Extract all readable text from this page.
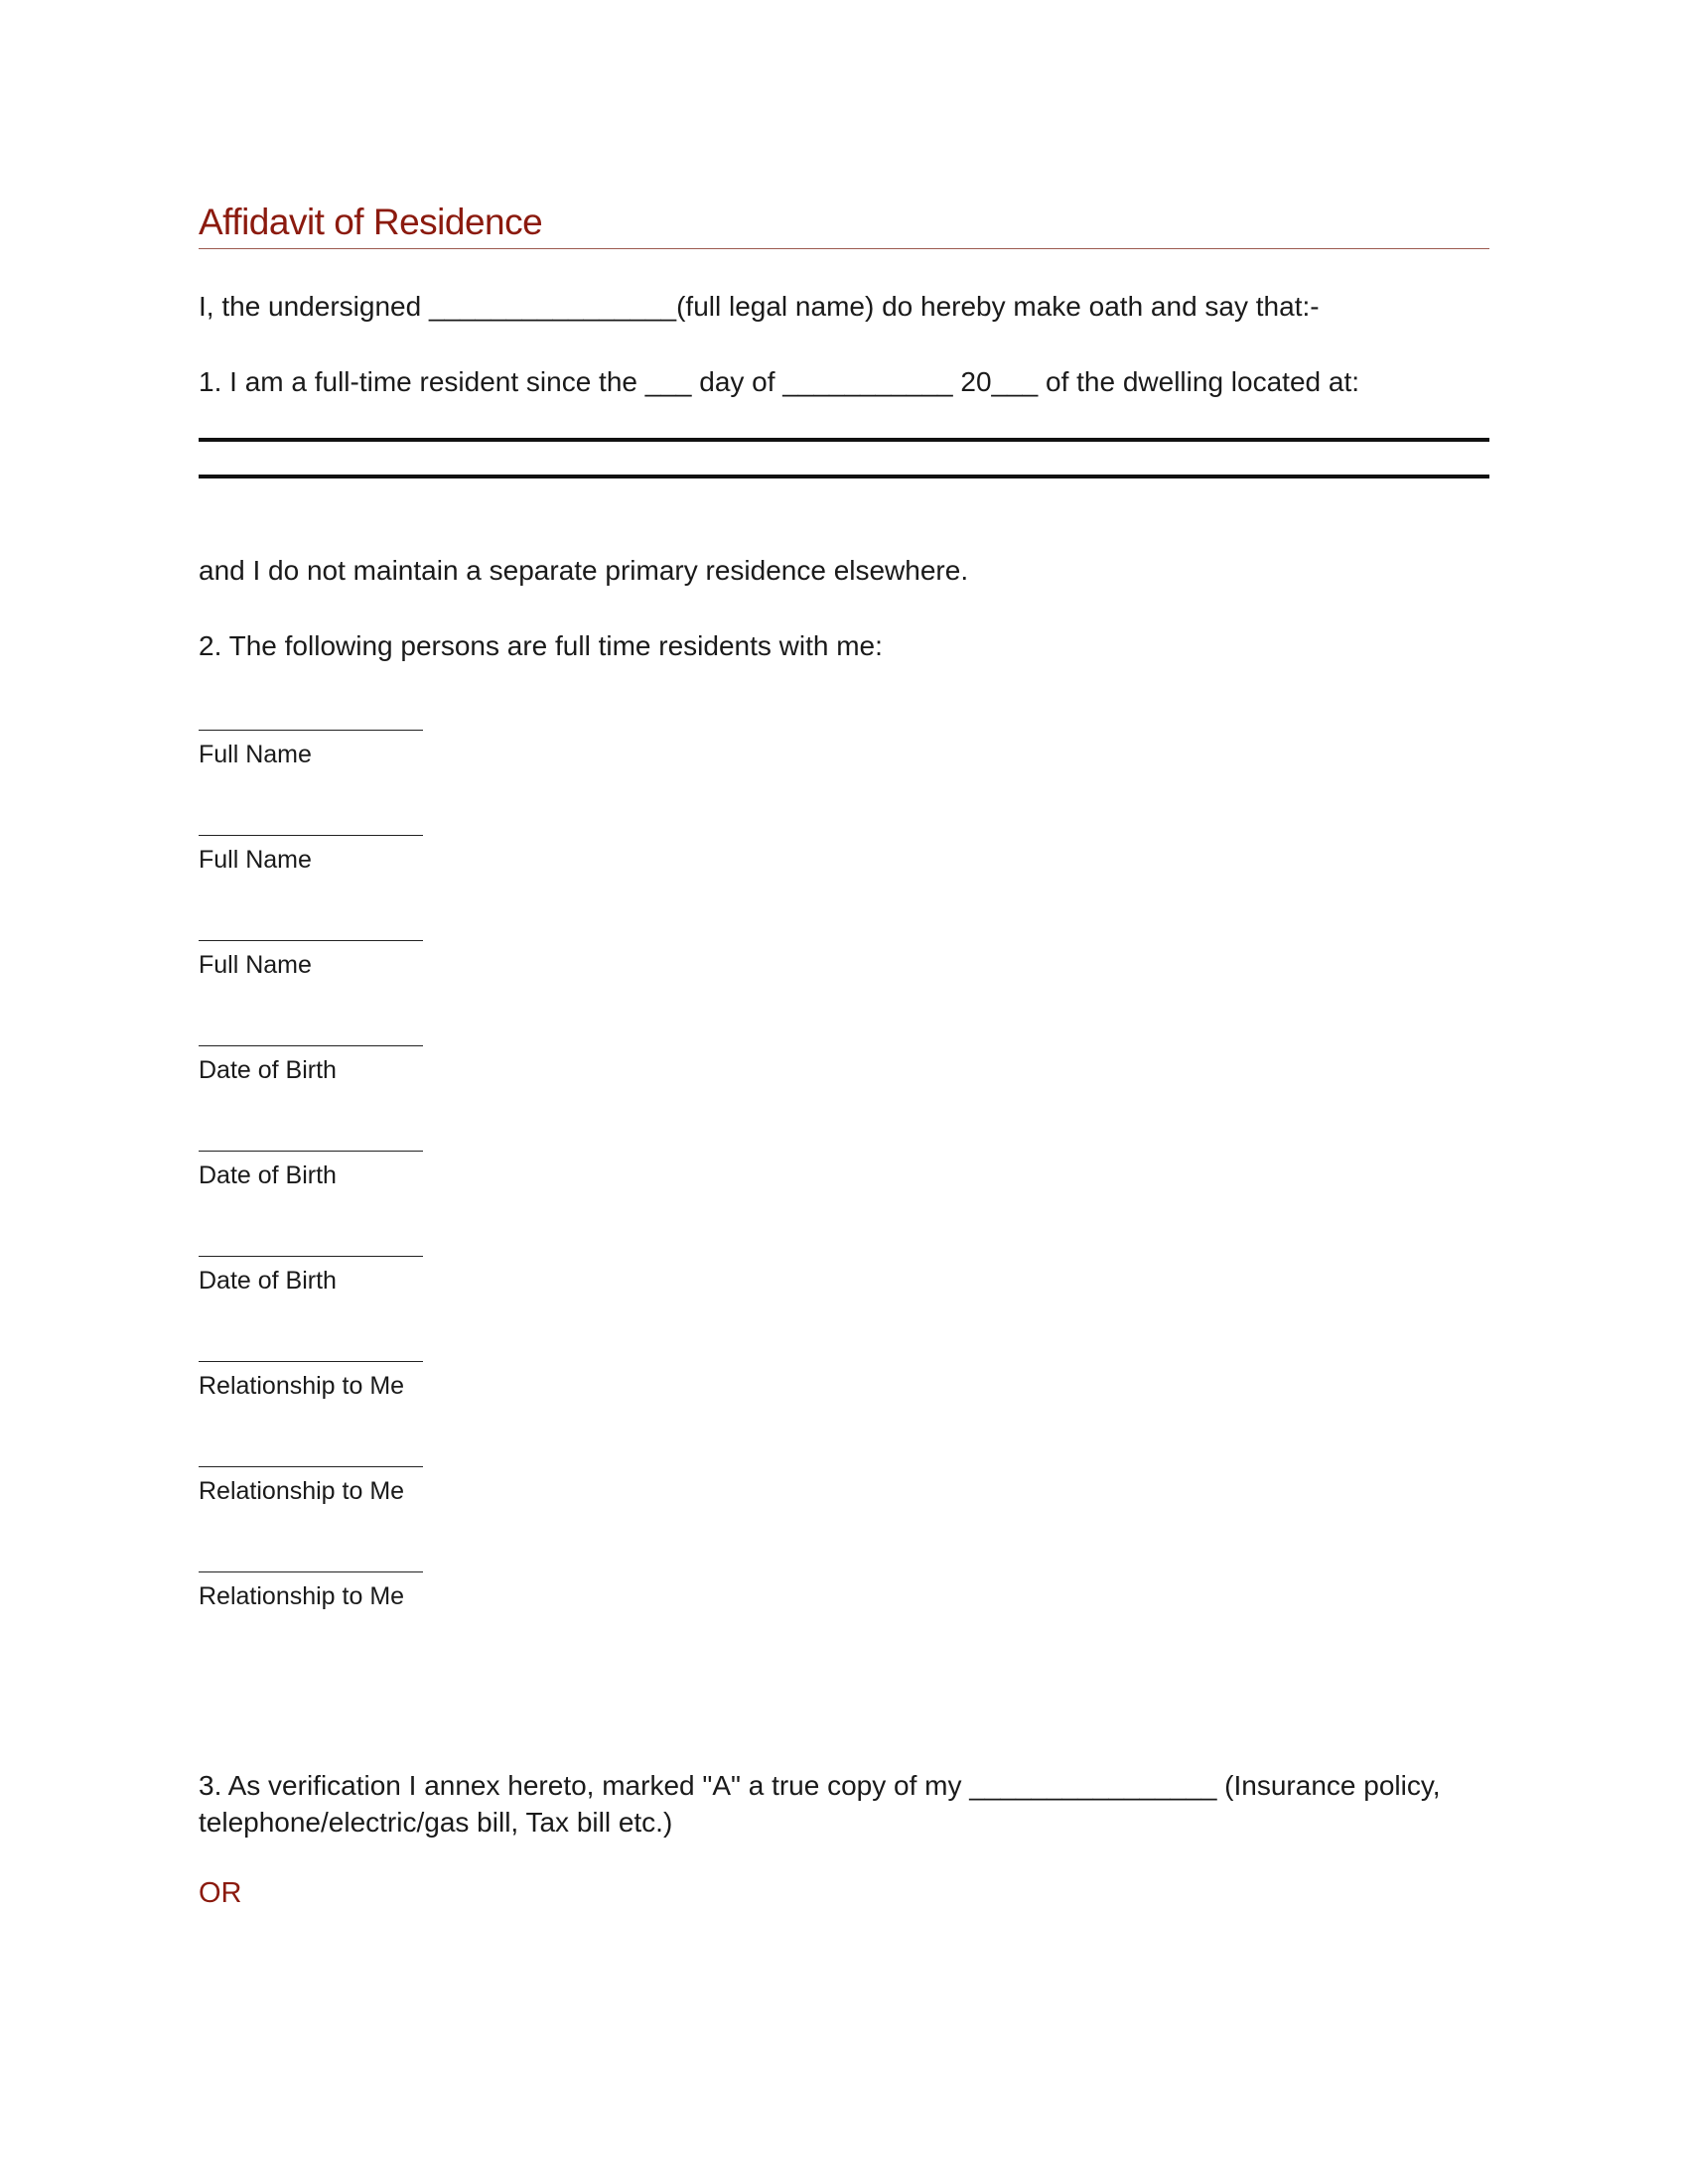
Affidavit of Residence
I, the undersigned ________________(full legal name) do hereby make oath and say that:-
1. I am a full-time resident since the ___ day of ___________ 20___ of the dwelling located at:
and I do not maintain a separate primary residence elsewhere.
2. The following persons are full time residents with me:
Full Name
Full Name
Full Name
Date of Birth
Date of Birth
Date of Birth
Relationship to Me
Relationship to Me
Relationship to Me
3. As verification I annex hereto, marked "A" a true copy of my ________________ (Insurance policy, telephone/electric/gas bill, Tax bill etc.)
OR
